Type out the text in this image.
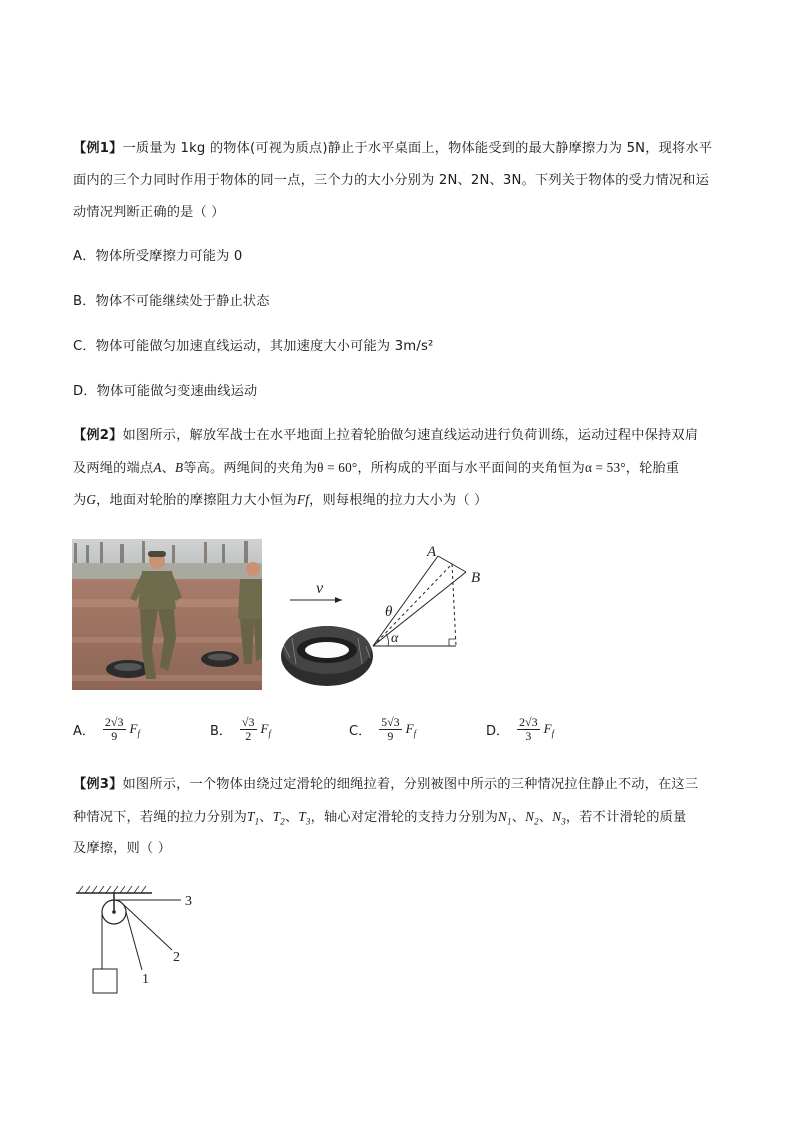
【例1】一质量为 1kg 的物体(可视为质点)静止于水平桌面上，物体能受到的最大静摩擦力为 5N，现将水平
面内的三个力同时作用于物体的同一点，三个力的大小分别为 2N、2N、3N。下列关于物体的受力情况和运
动情况判断正确的是（ ）
A．物体所受摩擦力可能为 0
B．物体不可能继续处于静止状态
C．物体可能做匀加速直线运动，其加速度大小可能为 3m/s²
D．物体可能做匀变速曲线运动
【例2】如图所示，解放军战士在水平地面上拉着轮胎做匀速直线运动进行负荷训练，运动过程中保持双肩
及两绳的端点A、B等高。两绳间的夹角为θ = 60°，所构成的平面与水平面间的夹角恒为α = 53°，轮胎重
为G，地面对轮胎的摩擦阻力大小恒为Ff，则每根绳的拉力大小为（ ）
v
α
θ
A
B
A． $\frac{2√3}{9} F_f$	B． $\frac{√3}{2} F_f$	C． $\frac{5√3}{9} F_f$	D． $\frac{2√3}{3} F_f$
【例3】如图所示，一个物体由绕过定滑轮的细绳拉着，分别被图中所示的三种情况拉住静止不动，在这三
种情况下，若绳的拉力分别为$T_1$、$T_2$、$T_3$，轴心对定滑轮的支持力分别为$N_1$、$N_2$、$N_3$，若不计滑轮的质量
及摩擦，则（ ）
3
2
1
